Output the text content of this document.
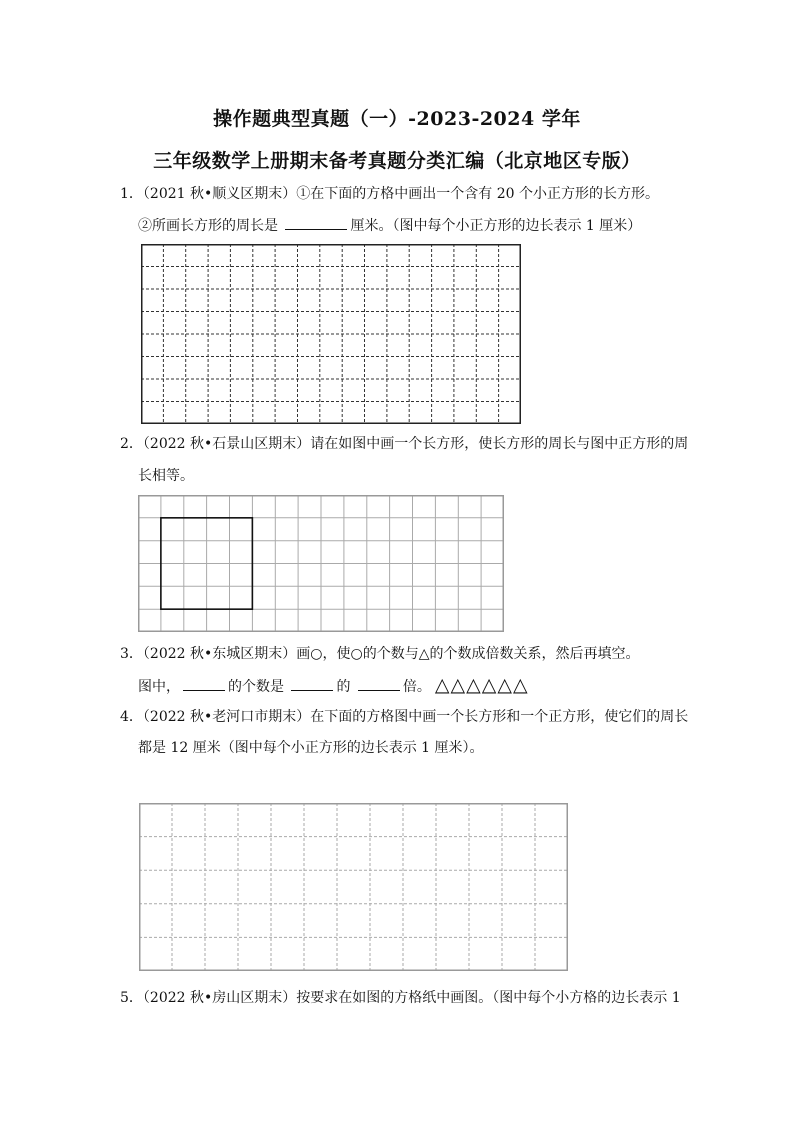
操作题典型真题（一）-2023-2024 学年
三年级数学上册期末备考真题分类汇编（北京地区专版）
1．（2021 秋•顺义区期末）①在下面的方格中画出一个含有 20 个小正方形的长方形。
②所画长方形的周长是	厘米。（图中每个小正方形的边长表示 1 厘米）
2．（2022 秋•石景山区期末）请在如图中画一个长方形，使长方形的周长与图中正方形的周
长相等。
3．（2022 秋•东城区期末）画○，使○的个数与△的个数成倍数关系，然后再填空。
图中，	的个数是	的	倍。 △△△△△△
4．（2022 秋•老河口市期末）在下面的方格图中画一个长方形和一个正方形，使它们的周长
都是 12 厘米（图中每个小正方形的边长表示 1 厘米）。
5．（2022 秋•房山区期末）按要求在如图的方格纸中画图。（图中每个小方格的边长表示 1
